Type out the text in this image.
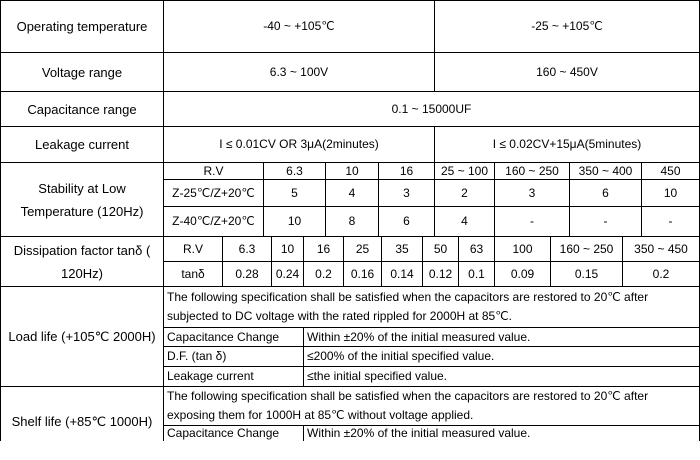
Operating temperature	-40 ~ +105℃	-25 ~ +105℃
Voltage range	6.3 ~ 100V	160 ~ 450V
Capacitance range	0.1 ~ 15000UF
Leakage current	I ≤ 0.01CV OR 3μA(2minutes)	I ≤ 0.02CV+15μA(5minutes)
Stability at Low Temperature (120Hz)
R.V	6.3	10	16	25 ~ 100	160 ~ 250	350 ~ 400	450
Z-25℃/Z+20℃	5	4	3	2	3	6	10
Z-40℃/Z+20℃	10	8	6	4	-	-	-
Dissipation factor tanδ ( 120Hz)
R.V	6.3	10	16	25	35	50	63	100	160 ~ 250	350 ~ 450
tanδ	0.28	0.24	0.2	0.16	0.14	0.12	0.1	0.09	0.15	0.2
Load life (+105℃ 2000H)
The following specification shall be satisfied when the capacitors are restored to 20℃ after subjected to DC voltage with the rated rippled for 2000H at 85℃.
Capacitance Change	Within ±20% of the initial measured value.
D.F. (tan δ)	≤200% of the initial specified value.
Leakage current	≤the initial specified value.
Shelf life (+85℃ 1000H)
The following specification shall be satisfied when the capacitors are restored to 20℃ after exposing them for 1000H at 85℃ without voltage applied.
Capacitance Change	Within ±20% of the initial measured value.
